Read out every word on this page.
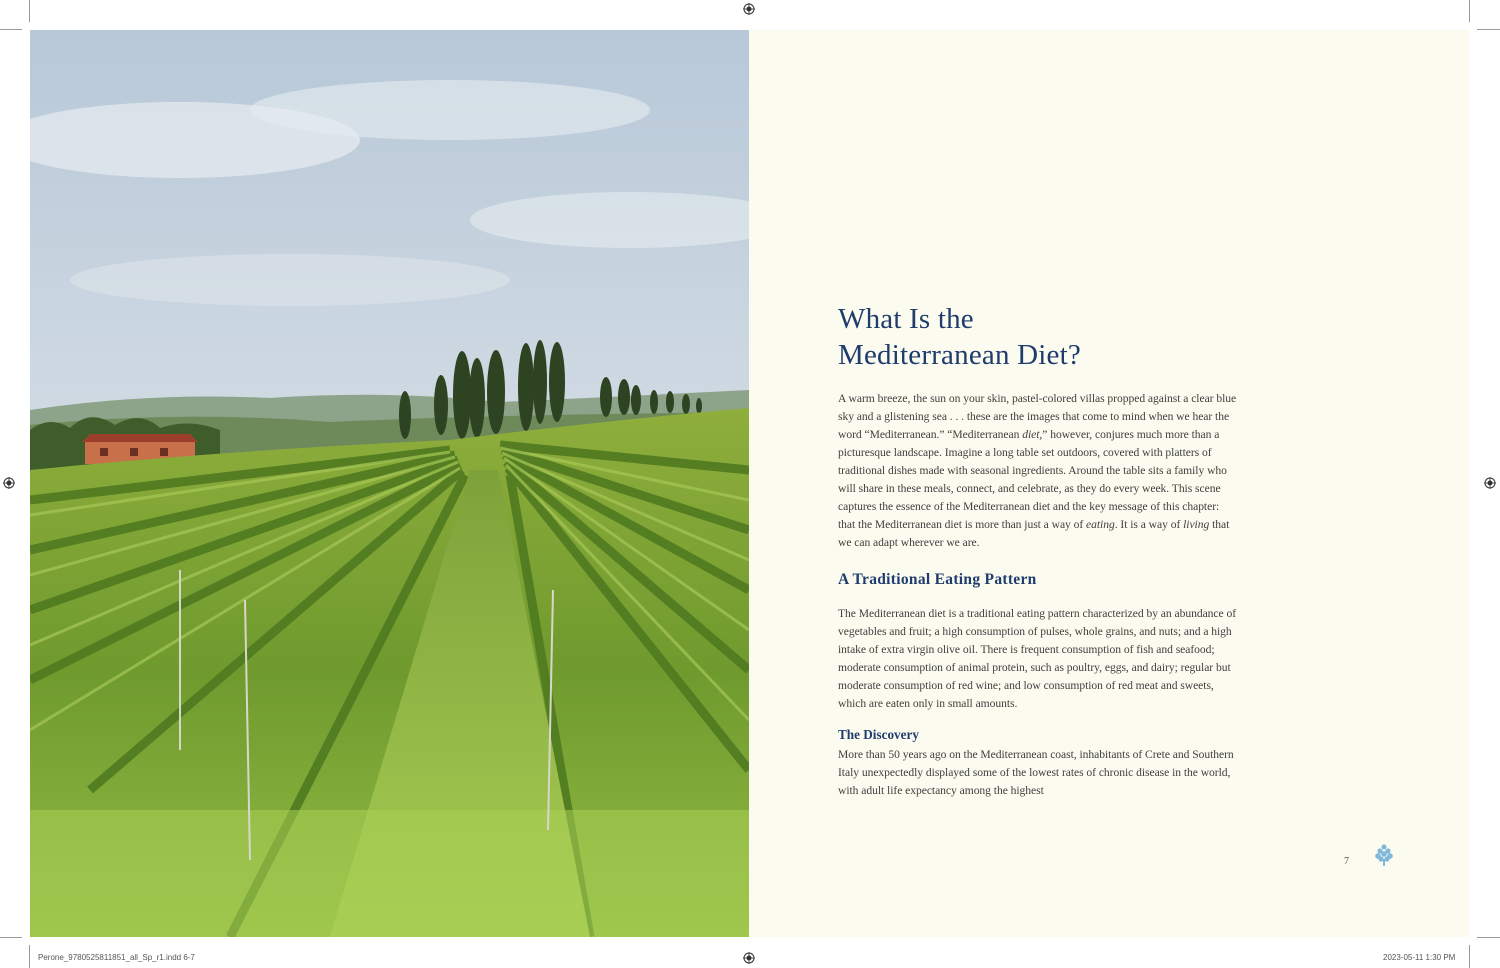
What Is the
Mediterranean Diet?

A warm breeze, the sun on your skin, pastel-colored villas propped against a clear blue sky and a glistening sea . . . these are the images that come to mind when we hear the word “Mediterranean.” “Mediterranean diet,” however, conjures much more than a picturesque landscape. Imagine a long table set outdoors, covered with platters of traditional dishes made with seasonal ingredients. Around the table sits a family who will share in these meals, connect, and celebrate, as they do every week. This scene captures the essence of the Mediterranean diet and the key message of this chapter: that the Mediterranean diet is more than just a way of eating. It is a way of living that we can adapt wherever we are.

A Traditional Eating Pattern

The Mediterranean diet is a traditional eating pattern characterized by an abundance of vegetables and fruit; a high consumption of pulses, whole grains, and nuts; and a high intake of extra virgin olive oil. There is frequent consumption of fish and seafood; moderate consumption of animal protein, such as poultry, eggs, and dairy; regular but moderate consumption of red wine; and low consumption of red meat and sweets, which are eaten only in small amounts.

The Discovery

More than 50 years ago on the Mediterranean coast, inhabitants of Crete and Southern Italy unexpectedly displayed some of the lowest rates of chronic disease in the world, with adult life expectancy among the highest

7
Perone_9780525811851_all_Sp_r1.indd 6-7	2023-05-11 1:30 PM
